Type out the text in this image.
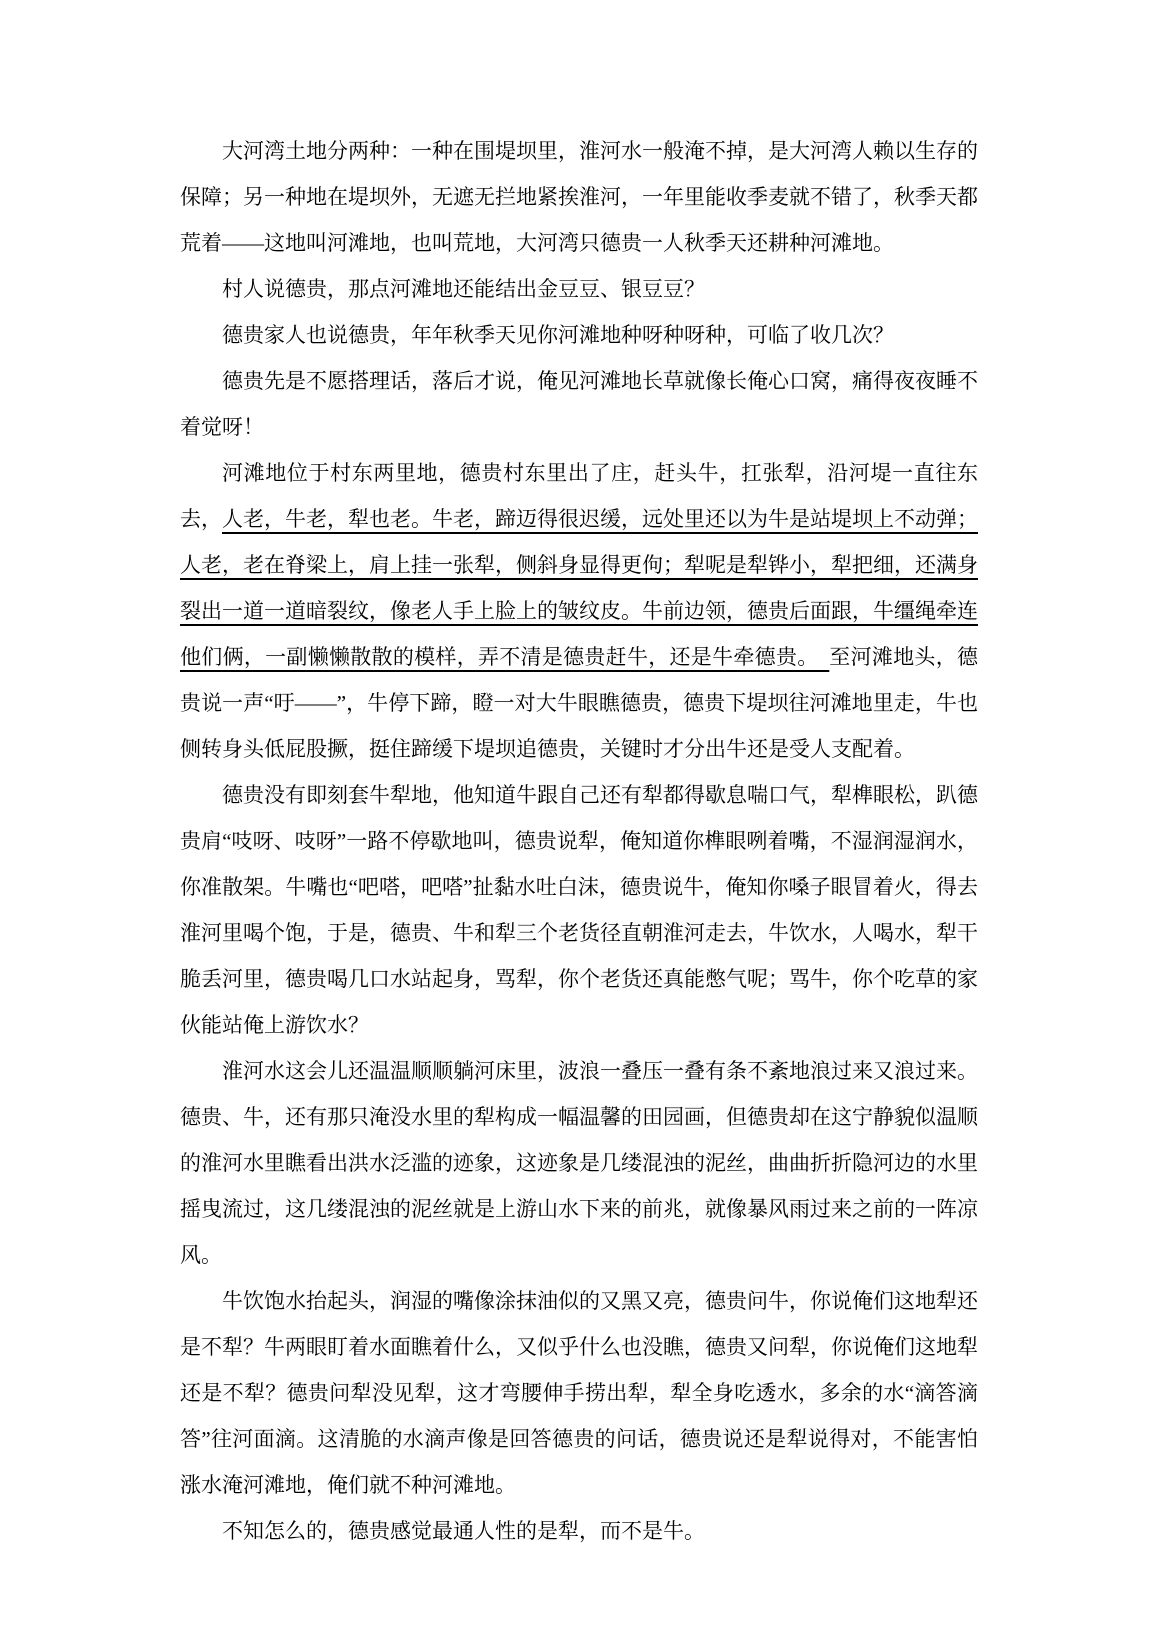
大河湾土地分两种：一种在围堤坝里，淮河水一般淹不掉，是大河湾人赖以生存的保障；另一种地在堤坝外，无遮无拦地紧挨淮河，一年里能收季麦就不错了，秋季天都荒着——这地叫河滩地，也叫荒地，大河湾只德贵一人秋季天还耕种河滩地。

村人说德贵，那点河滩地还能结出金豆豆、银豆豆？

德贵家人也说德贵，年年秋季天见你河滩地种呀种呀种，可临了收几次？

德贵先是不愿搭理话，落后才说，俺见河滩地长草就像长俺心口窝，痛得夜夜睡不着觉呀！

河滩地位于村东两里地，德贵村东里出了庄，赶头牛，扛张犁，沿河堤一直往东去，人老，牛老，犁也老。牛老，蹄迈得很迟缓，远处里还以为牛是站堤坝上不动弹；人老，老在脊梁上，肩上挂一张犁，侧斜身显得更佝；犁呢是犁铧小，犁把细，还满身裂出一道一道暗裂纹，像老人手上脸上的皱纹皮。牛前边领，德贵后面跟，牛缰绳牵连他们俩，一副懒懒散散的模样，弄不清是德贵赶牛，还是牛牵德贵。　至河滩地头，德贵说一声“吁——”，牛停下蹄，瞪一对大牛眼瞧德贵，德贵下堤坝往河滩地里走，牛也侧转身头低屁股撅，挺住蹄缓下堤坝追德贵，关键时才分出牛还是受人支配着。

德贵没有即刻套牛犁地，他知道牛跟自己还有犁都得歇息喘口气，犁榫眼松，趴德贵肩“吱呀、吱呀”一路不停歇地叫，德贵说犁，俺知道你榫眼咧着嘴，不湿润湿润水，你准散架。牛嘴也“吧嗒，吧嗒”扯黏水吐白沫，德贵说牛，俺知你嗓子眼冒着火，得去淮河里喝个饱，于是，德贵、牛和犁三个老货径直朝淮河走去，牛饮水，人喝水，犁干脆丢河里，德贵喝几口水站起身，骂犁，你个老货还真能憋气呢；骂牛，你个吃草的家伙能站俺上游饮水？

淮河水这会儿还温温顺顺躺河床里，波浪一叠压一叠有条不紊地浪过来又浪过来。德贵、牛，还有那只淹没水里的犁构成一幅温馨的田园画，但德贵却在这宁静貌似温顺的淮河水里瞧看出洪水泛滥的迹象，这迹象是几缕混浊的泥丝，曲曲折折隐河边的水里摇曳流过，这几缕混浊的泥丝就是上游山水下来的前兆，就像暴风雨过来之前的一阵凉风。

牛饮饱水抬起头，润湿的嘴像涂抹油似的又黑又亮，德贵问牛，你说俺们这地犁还是不犁？牛两眼盯着水面瞧着什么，又似乎什么也没瞧，德贵又问犁，你说俺们这地犁还是不犁？德贵问犁没见犁，这才弯腰伸手捞出犁，犁全身吃透水，多余的水“滴答滴答”往河面滴。这清脆的水滴声像是回答德贵的问话，德贵说还是犁说得对，不能害怕涨水淹河滩地，俺们就不种河滩地。

不知怎么的，德贵感觉最通人性的是犁，而不是牛。
